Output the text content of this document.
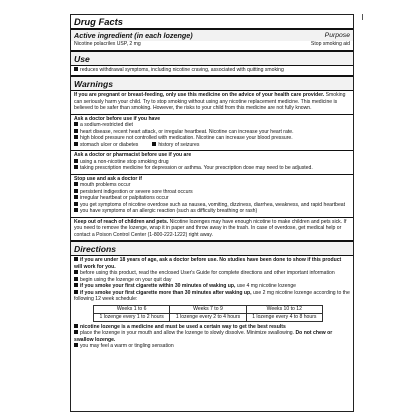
Drug Facts
Active ingredient (in each lozenge)	Purpose
Nicotine polacrilex USP, 2 mg	Stop smoking aid
Use
reduces withdrawal symptoms, including nicotine craving, associated with quitting smoking
Warnings
If you are pregnant or breast-feeding, only use this medicine on the advice of your health care provider. Smoking can seriously harm your child. Try to stop smoking without using any nicotine replacement medicine. This medicine is believed to be safer than smoking. However, the risks to your child from this medicine are not fully known.
Ask a doctor before use if you have
a sodium-restricted diet
heart disease, recent heart attack, or irregular heartbeat. Nicotine can increase your heart rate.
high blood pressure not controlled with medication. Nicotine can increase your blood pressure.
stomach ulcer or diabetes	history of seizures
Ask a doctor or pharmacist before use if you are
using a non-nicotine stop smoking drug
taking prescription medicine for depression or asthma. Your prescription dose may need to be adjusted.
Stop use and ask a doctor if
mouth problems occur
persistent indigestion or severe sore throat occurs
irregular heartbeat or palpitations occur
you get symptoms of nicotine overdose such as nausea, vomiting, dizziness, diarrhea, weakness, and rapid heartbeat
you have symptoms of an allergic reaction (such as difficulty breathing or rash)
Keep out of reach of children and pets. Nicotine lozenges may have enough nicotine to make children and pets sick. If you need to remove the lozenge, wrap it in paper and throw away in the trash. In case of overdose, get medical help or contact a Poison Control Center (1-800-222-1222) right away.
Directions
if you are under 18 years of age, ask a doctor before use. No studies have been done to show if this product will work for you.
before using this product, read the enclosed User's Guide for complete directions and other important information
begin using the lozenge on your quit day
if you smoke your first cigarette within 30 minutes of waking up, use 4 mg nicotine lozenge
if you smoke your first cigarette more than 30 minutes after waking up, use 2 mg nicotine lozenge according to the following 12 week schedule:
Weeks 1 to 6	Weeks 7 to 9	Weeks 10 to 12
1 lozenge every 1 to 2 hours	1 lozenge every 2 to 4 hours	1 lozenge every 4 to 8 hours
nicotine lozenge is a medicine and must be used a certain way to get the best results
place the lozenge in your mouth and allow the lozenge to slowly dissolve. Minimize swallowing. Do not chew or swallow lozenge.
you may feel a warm or tingling sensation
